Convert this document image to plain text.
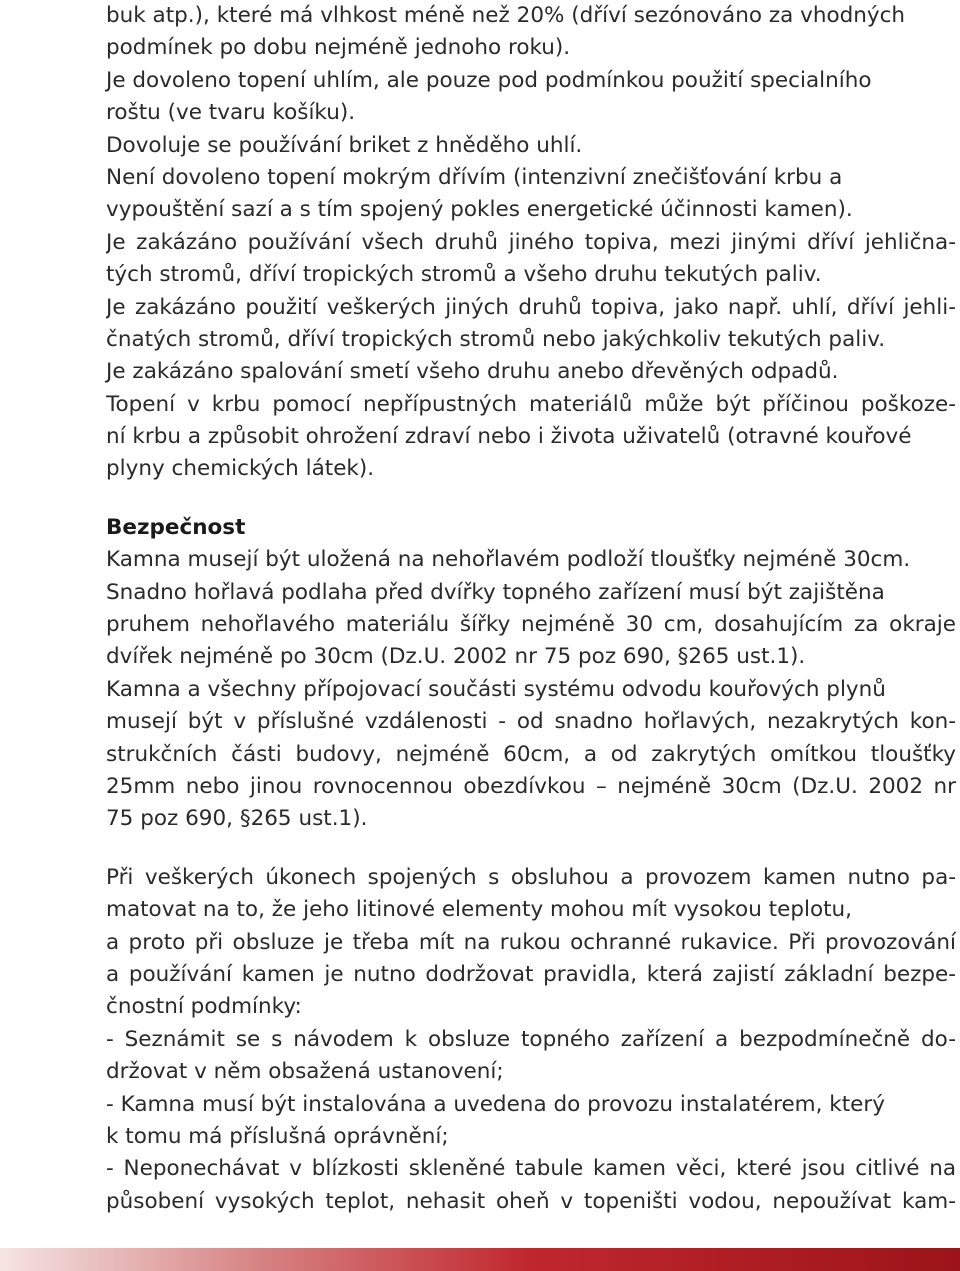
buk atp.), které má vlhkost méně než 20% (dříví sezónováno za vhodných
podmínek po dobu nejméně jednoho roku).
Je dovoleno topení uhlím, ale pouze pod podmínkou použití specialního
roštu (ve tvaru košíku).
Dovoluje se používání briket z hněděho uhlí.
Není dovoleno topení mokrým dřívím (intenzivní znečišťování krbu a
vypouštění sazí a s tím spojený pokles energetické účinnosti kamen).
Je zakázáno používání všech druhů jiného topiva, mezi jinými dříví jehlična-
tých stromů, dříví tropických stromů a všeho druhu tekutých paliv.
Je zakázáno použití veškerých jiných druhů topiva, jako např. uhlí, dříví jehli-
čnatých stromů, dříví tropických stromů nebo jakýchkoliv tekutých paliv.
Je zakázáno spalování smetí všeho druhu anebo dřevěných odpadů.
Topení v krbu pomocí nepřípustných materiálů může být příčinou poškoze-
ní krbu a způsobit ohrožení zdraví nebo i života uživatelů (otravné kouřové
plyny chemických látek).
Bezpečnost
Kamna musejí být uložená na nehořlavém podloží tloušťky nejméně 30cm.
Snadno hořlavá podlaha před dvířky topného zařízení musí být zajištěna
pruhem nehořlavého materiálu šířky nejméně 30 cm, dosahujícím za okraje
dvířek nejméně po 30cm (Dz.U. 2002 nr 75 poz 690, §265 ust.1).
Kamna a všechny přípojovací součásti systému odvodu kouřových plynů
musejí být v příslušné vzdálenosti - od snadno hořlavých, nezakrytých kon-
strukčních části budovy, nejméně 60cm, a od zakrytých omítkou tloušťky
25mm nebo jinou rovnocennou obezdívkou – nejméně 30cm (Dz.U. 2002 nr
75 poz 690, §265 ust.1).
Při veškerých úkonech spojených s obsluhou a provozem kamen nutno pa-
matovat na to, že jeho litinové elementy mohou mít vysokou teplotu,
a proto při obsluze je třeba mít na rukou ochranné rukavice. Při provozování
a používání kamen je nutno dodržovat pravidla, která zajistí základní bezpe-
čnostní podmínky:
- Seznámit se s návodem k obsluze topného zařízení a bezpodmínečně do-
držovat v něm obsažená ustanovení;
- Kamna musí být instalována a uvedena do provozu instalatérem, který
k tomu má příslušná oprávnění;
- Neponechávat v blízkosti skleněné tabule kamen věci, které jsou citlivé na
působení vysokých teplot, nehasit oheň v topeništi vodou, nepoužívat kam-
